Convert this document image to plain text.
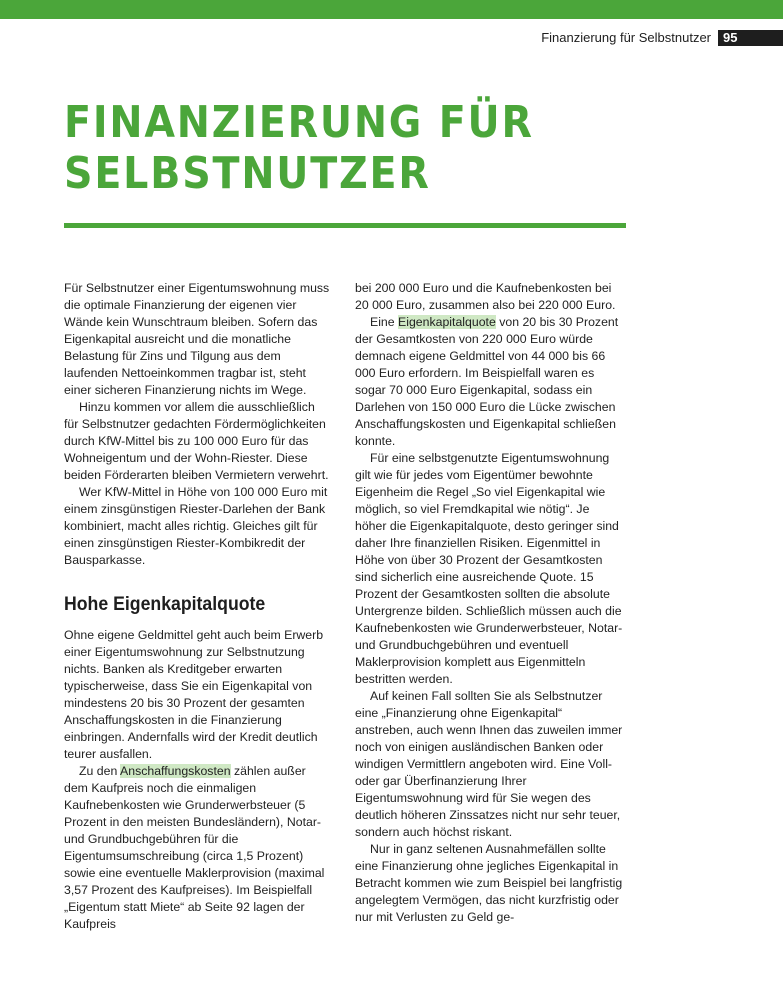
Finanzierung für Selbstnutzer 95
FINANZIERUNG FÜR
SELBSTNUTZER

Für Selbstnutzer einer Eigentumswohnung muss die optimale Finanzierung der eigenen vier Wände kein Wunschtraum bleiben. Sofern das Eigenkapital ausreicht und die monatliche Belastung für Zins und Tilgung aus dem laufenden Nettoeinkommen tragbar ist, steht einer sicheren Finanzierung nichts im Wege.

Hinzu kommen vor allem die ausschließlich für Selbstnutzer gedachten Fördermöglichkeiten durch KfW-Mittel bis zu 100 000 Euro für das Wohneigentum und der Wohn-Riester. Diese beiden Förderarten bleiben Vermietern verwehrt.

Wer KfW-Mittel in Höhe von 100 000 Euro mit einem zinsgünstigen Riester-Darlehen der Bank kombiniert, macht alles richtig. Gleiches gilt für einen zinsgünstigen Riester-Kombikredit der Bausparkasse.

Hohe Eigenkapitalquote

Ohne eigene Geldmittel geht auch beim Erwerb einer Eigentumswohnung zur Selbstnutzung nichts. Banken als Kreditgeber erwarten typischerweise, dass Sie ein Eigenkapital von mindestens 20 bis 30 Prozent der gesamten Anschaffungskosten in die Finanzierung einbringen. Andernfalls wird der Kredit deutlich teurer ausfallen.

Zu den Anschaffungskosten zählen außer dem Kaufpreis noch die einmaligen Kaufnebenkosten wie Grunderwerbsteuer (5 Prozent in den meisten Bundesländern), Notar- und Grundbuchgebühren für die Eigentumsumschreibung (circa 1,5 Prozent) sowie eine eventuelle Maklerprovision (maximal 3,57 Prozent des Kaufpreises). Im Beispielfall „Eigentum statt Miete“ ab Seite 92 lagen der Kaufpreis

bei 200 000 Euro und die Kaufnebenkosten bei 20 000 Euro, zusammen also bei 220 000 Euro.

Eine Eigenkapitalquote von 20 bis 30 Prozent der Gesamtkosten von 220 000 Euro würde demnach eigene Geldmittel von 44 000 bis 66 000 Euro erfordern. Im Beispielfall waren es sogar 70 000 Euro Eigenkapital, sodass ein Darlehen von 150 000 Euro die Lücke zwischen Anschaffungskosten und Eigenkapital schließen konnte.

Für eine selbstgenutzte Eigentumswohnung gilt wie für jedes vom Eigentümer bewohnte Eigenheim die Regel „So viel Eigenkapital wie möglich, so viel Fremdkapital wie nötig“. Je höher die Eigenkapitalquote, desto geringer sind daher Ihre finanziellen Risiken. Eigenmittel in Höhe von über 30 Prozent der Gesamtkosten sind sicherlich eine ausreichende Quote. 15 Prozent der Gesamtkosten sollten die absolute Untergrenze bilden. Schließlich müssen auch die Kaufnebenkosten wie Grunderwerbsteuer, Notar- und Grundbuchgebühren und eventuell Maklerprovision komplett aus Eigenmitteln bestritten werden.

Auf keinen Fall sollten Sie als Selbstnutzer eine „Finanzierung ohne Eigenkapital“ anstreben, auch wenn Ihnen das zuweilen immer noch von einigen ausländischen Banken oder windigen Vermittlern angeboten wird. Eine Voll- oder gar Überfinanzierung Ihrer Eigentumswohnung wird für Sie wegen des deutlich höheren Zinssatzes nicht nur sehr teuer, sondern auch höchst riskant.

Nur in ganz seltenen Ausnahmefällen sollte eine Finanzierung ohne jegliches Eigenkapital in Betracht kommen wie zum Beispiel bei langfristig angelegtem Vermögen, das nicht kurzfristig oder nur mit Verlusten zu Geld ge-
